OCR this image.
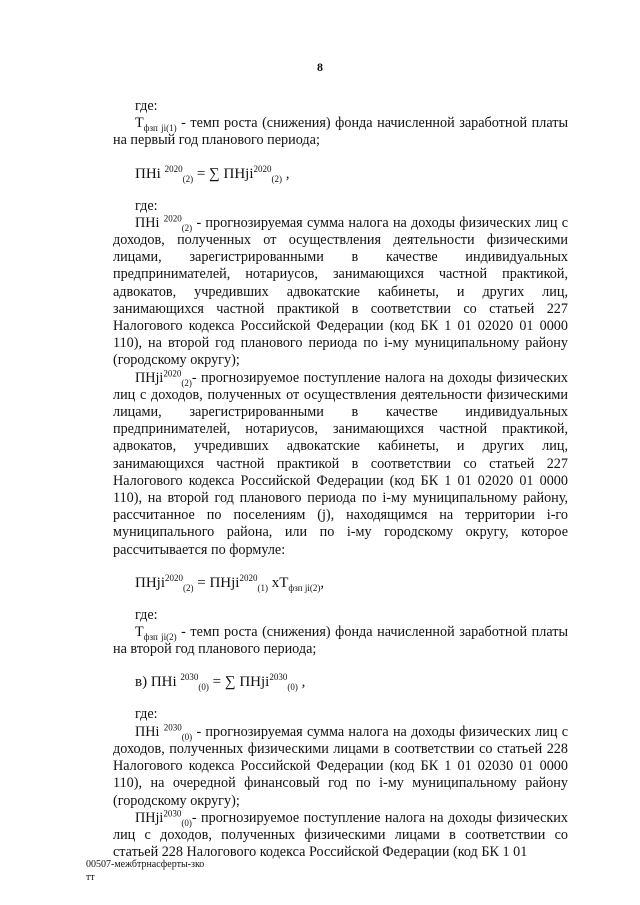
8

где:

$Т_{фзп ji(1)}$ - темп роста (снижения) фонда начисленной заработной платы на первый год планового периода;

ПНi $^{2020}_{(2)}$ = ∑ ПНji$^{2020}_{(2)}$ ,

где:

ПНi $^{2020}_{(2)}$ - прогнозируемая сумма налога на доходы физических лиц с доходов, полученных от осуществления деятельности физическими лицами, зарегистрированными в качестве индивидуальных предпринимателей, нотариусов, занимающихся частной практикой, адвокатов, учредивших адвокатские кабинеты, и других лиц, занимающихся частной практикой в соответствии со статьей 227 Налогового кодекса Российской Федерации (код БК 1 01 02020 01 0000 110), на второй год планового периода по i-му муниципальному району (городскому округу);

ПНji$^{2020}_{(2)}$- прогнозируемое поступление налога на доходы физических лиц с доходов, полученных от осуществления деятельности физическими лицами, зарегистрированными в качестве индивидуальных предпринимателей, нотариусов, занимающихся частной практикой, адвокатов, учредивших адвокатские кабинеты, и других лиц, занимающихся частной практикой в соответствии со статьей 227 Налогового кодекса Российской Федерации (код БК 1 01 02020 01 0000 110), на второй год планового периода по i-му муниципальному району, рассчитанное по поселениям (j), находящимся на территории i-го муниципального района, или по i-му городскому округу, которое рассчитывается по формуле:

ПНji$^{2020}_{(2)}$ = ПНji$^{2020}_{(1)}$ $хТ_{фзп ji(2)}$,

где:

$Т_{фзп ji(2)}$ - темп роста (снижения) фонда начисленной заработной платы на второй год планового периода;

в) ПНi $^{2030}_{(0)}$ = ∑ ПНji$^{2030}_{(0)}$ ,

где:

ПНi $^{2030}_{(0)}$ - прогнозируемая сумма налога на доходы физических лиц с доходов, полученных физическими лицами в соответствии со статьей 228 Налогового кодекса Российской Федерации (код БК 1 01 02030 01 0000 110), на очередной финансовый год по i-му муниципальному району (городскому округу);

ПНji$^{2030}_{(0)}$- прогнозируемое поступление налога на доходы физических лиц с доходов, полученных физическими лицами в соответствии со статьей 228 Налогового кодекса Российской Федерации (код БК 1 01

00507-межбтрнасферты-зко
тт
